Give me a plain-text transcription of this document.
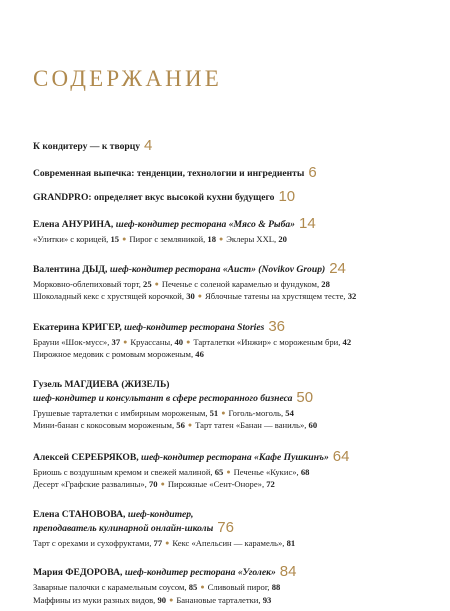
СОДЕРЖАНИЕ
К кондитеру — к творцу 4
Современная выпечка: тенденции, технологии и ингредиенты 6
GRANDPRO: определяет вкус высокой кухни будущего 10
Елена АНУРИНА, шеф-кондитер ресторана «Мясо & Рыба» 14
«Улитки» с корицей, 15 ● Пирог с земляникой, 18 ● Эклеры XXL, 20
Валентина ДЫД, шеф-кондитер ресторана «Аист» (Novikov Group) 24
Морковно-облепиховый торт, 25 ● Печенье с соленой карамелью и фундуком, 28
Шоколадный кекс с хрустящей корочкой, 30 ● Яблочные татены на хрустящем тесте, 32
Екатерина КРИГЕР, шеф-кондитер ресторана Stories 36
Брауни «Шок-мусс», 37 ● Круассаны, 40 ● Тарталетки «Инжир» с мороженым бри, 42
Пирожное медовик с ромовым мороженым, 46
Гузель МАГДИЕВА (ЖИЗЕЛЬ)
шеф-кондитер и консультант в сфере ресторанного бизнеса 50
Грушевые тарталетки с имбирным мороженым, 51 ● Гоголь-моголь, 54
Мини-банан с кокосовым мороженым, 56 ● Тарт татен «Банан — ваниль», 60
Алексей СЕРЕБРЯКОВ, шеф-кондитер ресторана «Кафе Пушкинъ» 64
Бриошь с воздушным кремом и свежей малиной, 65 ● Печенье «Кукис», 68
Десерт «Графские развалины», 70 ● Пирожные «Сент-Оноре», 72
Елена СТАНОВОВА, шеф-кондитер,
преподаватель кулинарной онлайн-школы 76
Тарт с орехами и сухофруктами, 77 ● Кекс «Апельсин — карамель», 81
Мария ФЕДОРОВА, шеф-кондитер ресторана «Уголек» 84
Заварные палочки с карамельным соусом, 85 ● Сливовый пирог, 88
Маффины из муки разных видов, 90 ● Банановые тарталетки, 93
